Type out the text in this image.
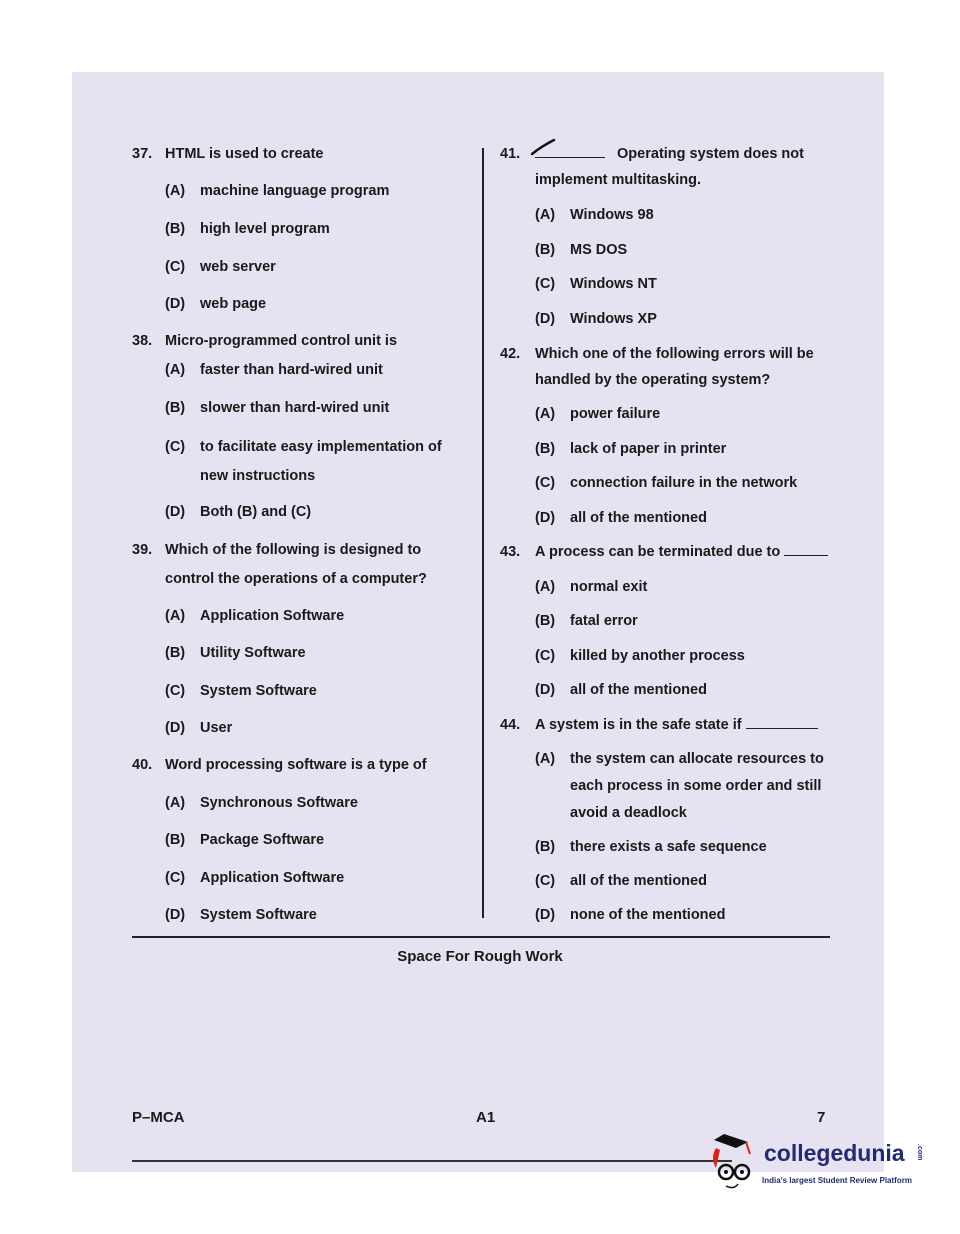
37. HTML is used to create
(A) machine language program
(B) high level program
(C) web server
(D) web page
38. Micro-programmed control unit is
(A) faster than hard-wired unit
(B) slower than hard-wired unit
(C) to facilitate easy implementation of new instructions
(D) Both (B) and (C)
39. Which of the following is designed to control the operations of a computer?
(A) Application Software
(B) Utility Software
(C) System Software
(D) User
40. Word processing software is a type of
(A) Synchronous Software
(B) Package Software
(C) Application Software
(D) System Software
41.	Operating system does not implement multitasking.
(A) Windows 98
(B) MS DOS
(C) Windows NT
(D) Windows XP
42. Which one of the following errors will be handled by the operating system?
(A) power failure
(B) lack of paper in printer
(C) connection failure in the network
(D) all of the mentioned
43. A process can be terminated due to
(A) normal exit
(B) fatal error
(C) killed by another process
(D) all of the mentioned
44. A system is in the safe state if
(A) the system can allocate resources to each process in some order and still avoid a deadlock
(B) there exists a safe sequence
(C) all of the mentioned
(D) none of the mentioned
Space For Rough Work
P–MCA	A1	7
collegedunia .com
India's largest Student Review Platform
